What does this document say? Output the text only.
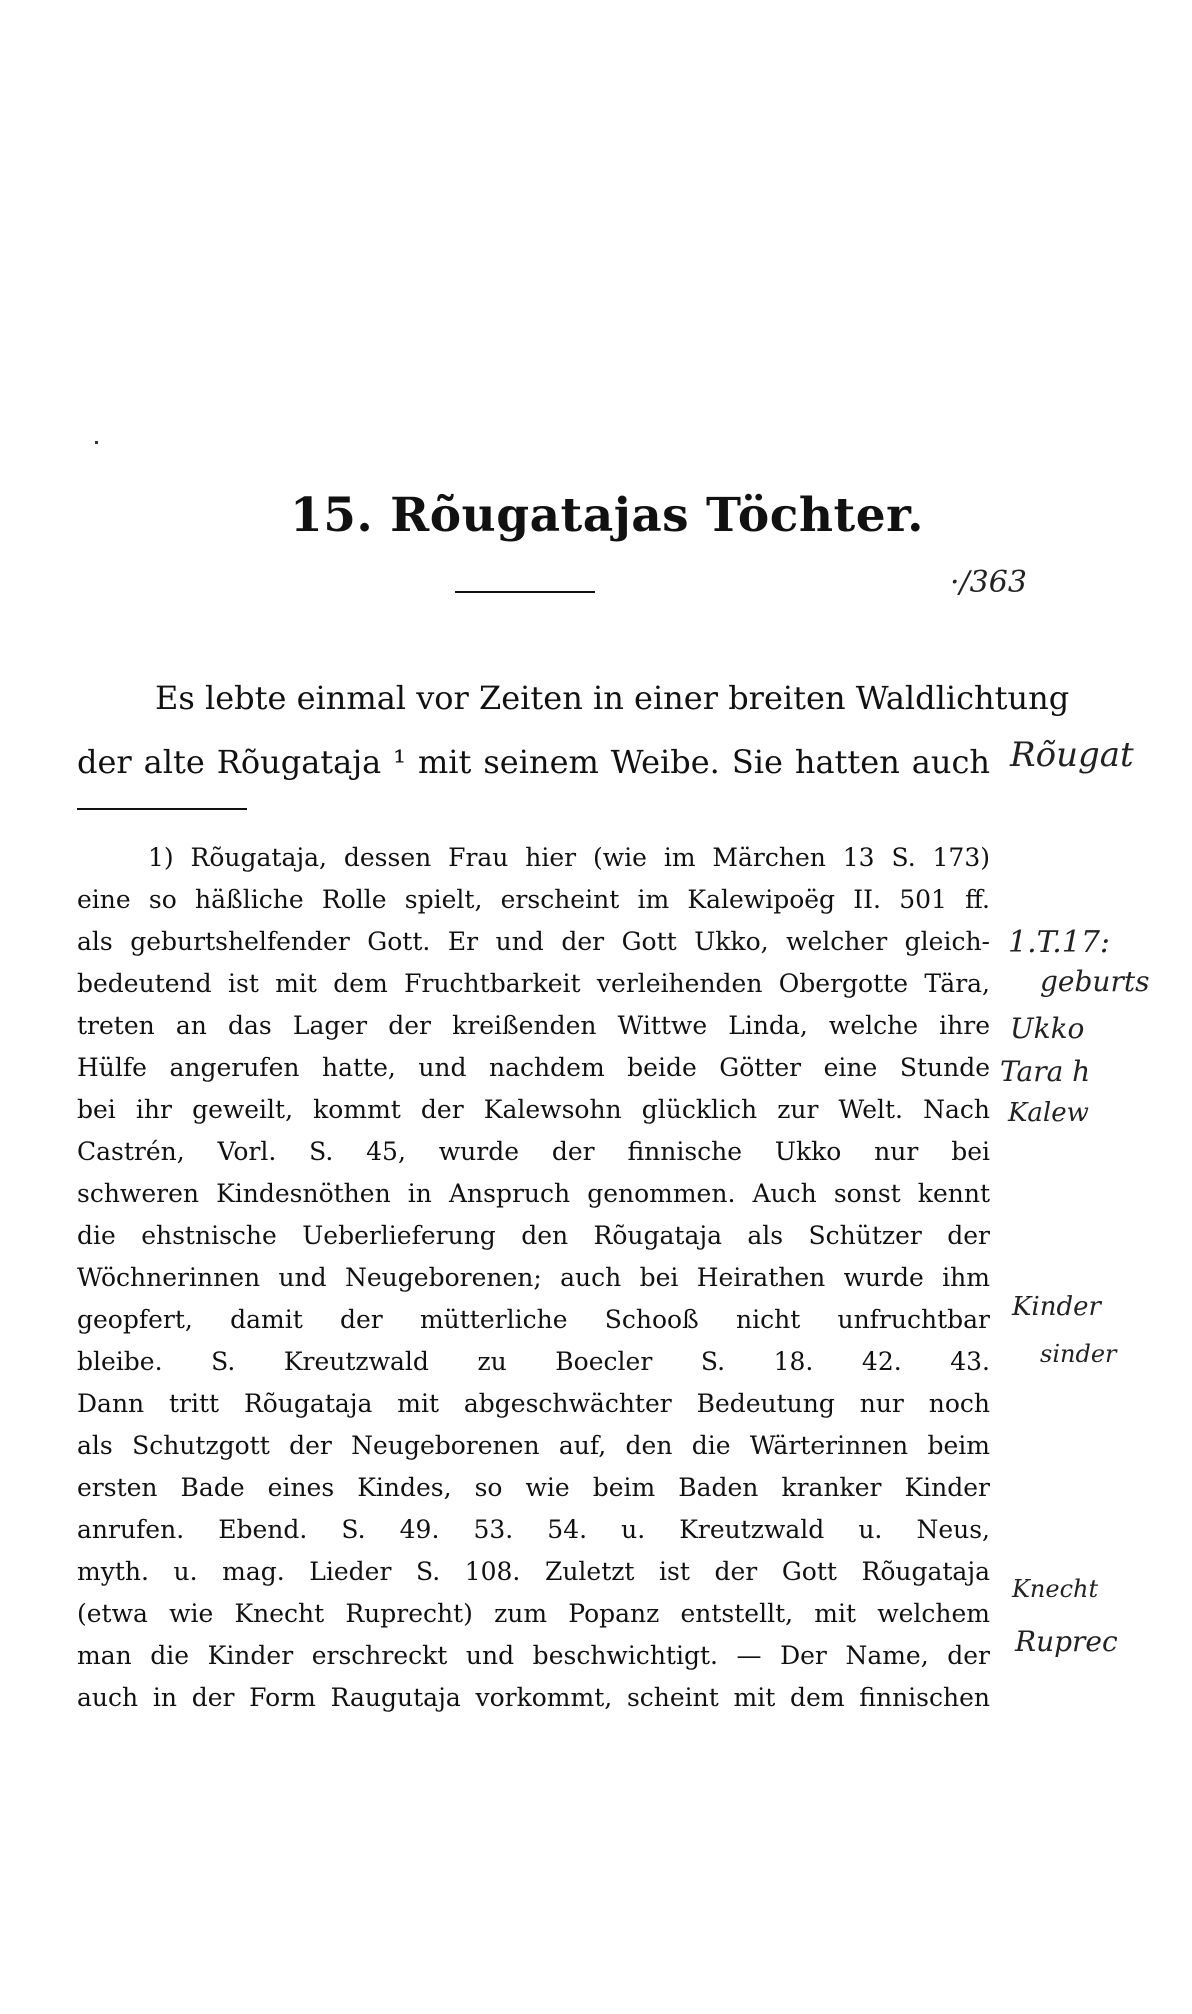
15. Rõugatajas Töchter.
Es lebte einmal vor Zeiten in einer breiten Waldlichtung
der alte Rõugataja ¹ mit seinem Weibe. Sie hatten auch
1) Rõugataja, dessen Frau hier (wie im Märchen 13 S. 173)
eine so häßliche Rolle spielt, erscheint im Kalewipoëg II. 501 ff.
als geburtshelfender Gott. Er und der Gott Ukko, welcher gleich-
bedeutend ist mit dem Fruchtbarkeit verleihenden Obergotte Tära,
treten an das Lager der kreißenden Wittwe Linda, welche ihre
Hülfe angerufen hatte, und nachdem beide Götter eine Stunde
bei ihr geweilt, kommt der Kalewsohn glücklich zur Welt. Nach
Castrén, Vorl. S. 45, wurde der finnische Ukko nur bei
schweren Kindesnöthen in Anspruch genommen. Auch sonst kennt
die ehstnische Ueberlieferung den Rõugataja als Schützer der
Wöchnerinnen und Neugeborenen; auch bei Heirathen wurde ihm
geopfert, damit der mütterliche Schooß nicht unfruchtbar
bleibe. S. Kreutzwald zu Boecler S. 18. 42. 43.
Dann tritt Rõugataja mit abgeschwächter Bedeutung nur noch
als Schutzgott der Neugeborenen auf, den die Wärterinnen beim
ersten Bade eines Kindes, so wie beim Baden kranker Kinder
anrufen. Ebend. S. 49. 53. 54. u. Kreutzwald u. Neus,
myth. u. mag. Lieder S. 108. Zuletzt ist der Gott Rõugataja
(etwa wie Knecht Ruprecht) zum Popanz entstellt, mit welchem
man die Kinder erschreckt und beschwichtigt. — Der Name, der
auch in der Form Raugutaja vorkommt, scheint mit dem finnischen
·/363
Rõugat
1.T.17:
geburts
Ukko
Tara h
Kalew
Kinder
sinder
Knecht
Ruprec
